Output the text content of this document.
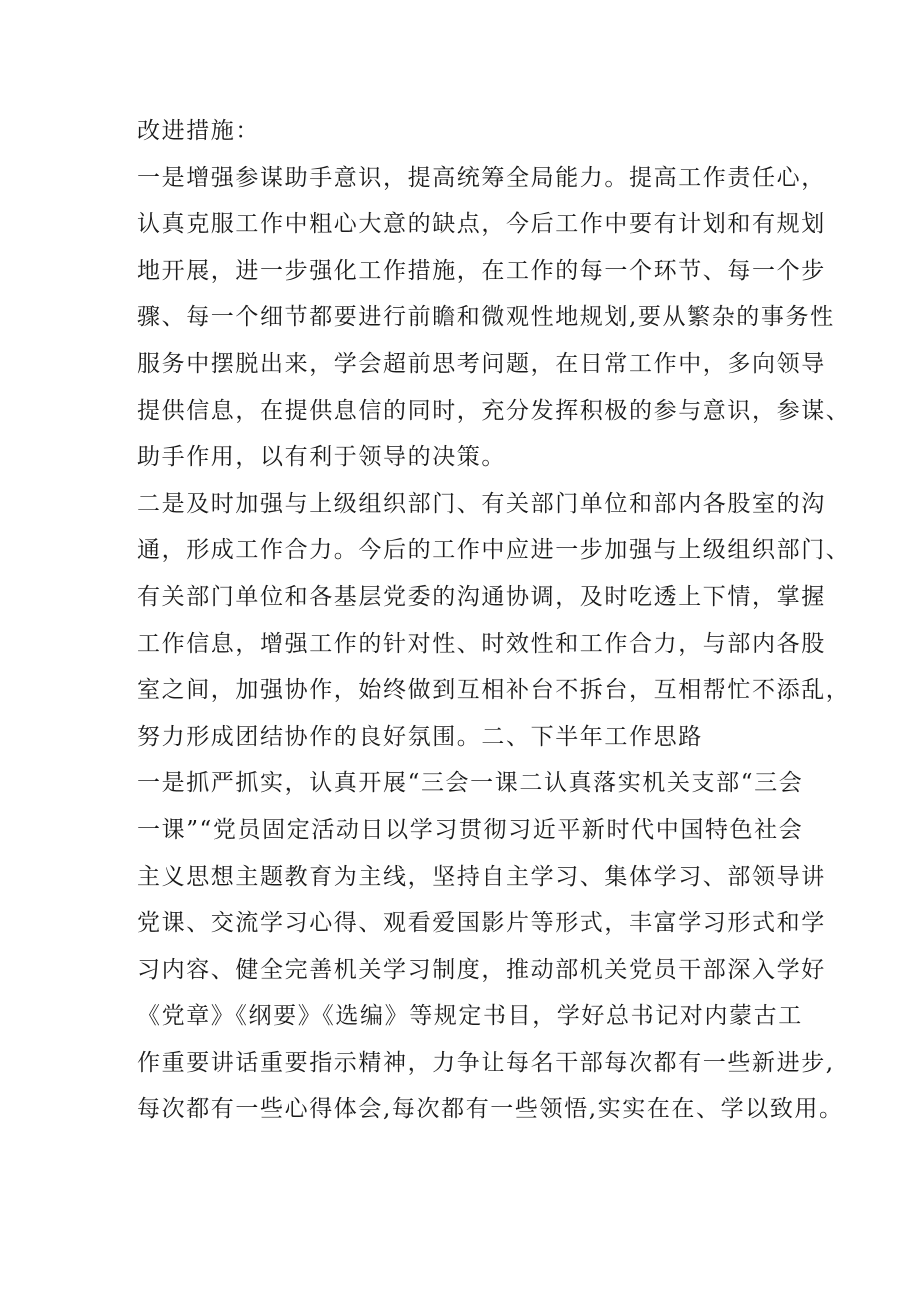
改进措施：
一是增强参谋助手意识，提高统筹全局能力。提高工作责任心，
认真克服工作中粗心大意的缺点，今后工作中要有计划和有规划
地开展，进一步强化工作措施，在工作的每一个环节、每一个步
骤、每一个细节都要进行前瞻和微观性地规划,要从繁杂的事务性
服务中摆脱出来，学会超前思考问题，在日常工作中，多向领导
提供信息，在提供息信的同时，充分发挥积极的参与意识，参谋、
助手作用，以有利于领导的决策。
二是及时加强与上级组织部门、有关部门单位和部内各股室的沟
通，形成工作合力。今后的工作中应进一步加强与上级组织部门、
有关部门单位和各基层党委的沟通协调，及时吃透上下情，掌握
工作信息，增强工作的针对性、时效性和工作合力，与部内各股
室之间，加强协作，始终做到互相补台不拆台，互相帮忙不添乱，
努力形成团结协作的良好氛围。二、下半年工作思路
一是抓严抓实，认真开展“三会一课二认真落实机关支部“三会
一课”“党员固定活动日以学习贯彻习近平新时代中国特色社会
主义思想主题教育为主线，坚持自主学习、集体学习、部领导讲
党课、交流学习心得、观看爱国影片等形式，丰富学习形式和学
习内容、健全完善机关学习制度，推动部机关党员干部深入学好
《党章》《纲要》《选编》等规定书目，学好总书记对内蒙古工
作重要讲话重要指示精神，力争让每名干部每次都有一些新进步,
每次都有一些心得体会,每次都有一些领悟,实实在在、学以致用。
